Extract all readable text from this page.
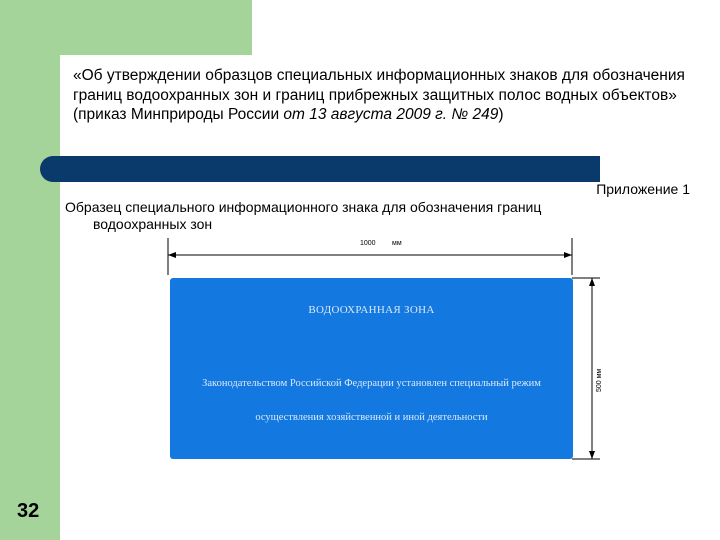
«Об утверждении образцов специальных информационных знаков для обозначения границ водоохранных зон и границ прибрежных защитных полос водных объектов» (приказ Минприроды России от 13 августа 2009 г. № 249)

Приложение 1

Образец специального информационного знака для обозначения границ
водоохранных зон

1000 мм
500 мм
ВОДООХРАННАЯ ЗОНА
Законодательством Российской Федерации установлен специальный режим
осуществления хозяйственной и иной деятельности
32
